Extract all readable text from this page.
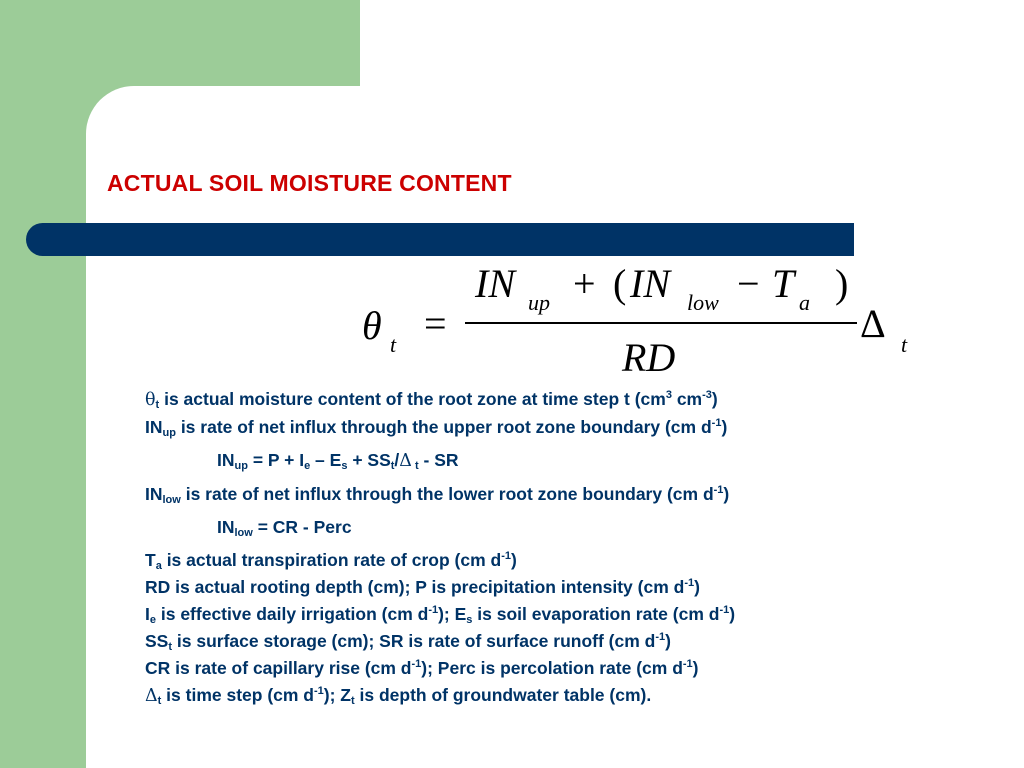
ACTUAL SOIL MOISTURE CONTENT
θ t =
IN up + ( IN low − T a )
RD
Δ t
$\theta_t$ is actual moisture content of the root zone at time step t ($cm^3$ $cm^{-3}$)
$IN_{up}$ is rate of net influx through the upper root zone boundary (cm $d^{-1}$)
$IN_{up} = P + I_e - E_s + SS_t/\Delta$ $_t$ - SR
$IN_{low}$ is rate of net influx through the lower root zone boundary (cm $d^{-1}$)
$IN_{low}$ = CR - Perc
$T_a$ is actual transpiration rate of crop (cm $d^{-1}$)
RD is actual rooting depth (cm); P is precipitation intensity (cm $d^{-1}$)
$I_e$ is effective daily irrigation (cm $d^{-1}$); $E_s$ is soil evaporation rate (cm $d^{-1}$)
$SS_t$ is surface storage (cm); SR is rate of surface runoff (cm $d^{-1}$)
CR is rate of capillary rise (cm $d^{-1}$); Perc is percolation rate (cm $d^{-1}$)
$\Delta_t$ is time step (cm $d^{-1}$); $Z_t$ is depth of groundwater table (cm).
